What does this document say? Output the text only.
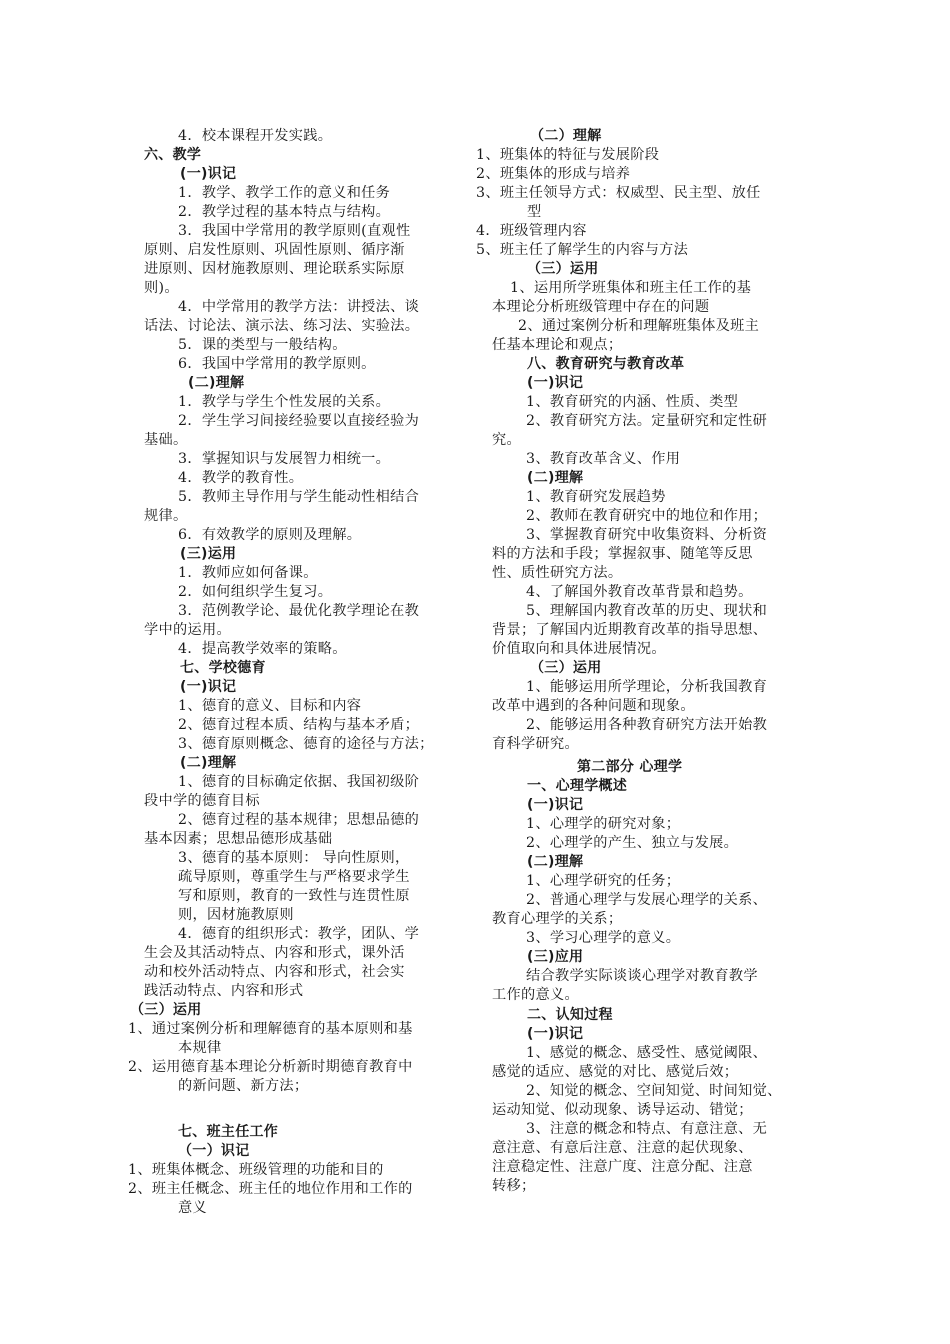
4．校本课程开发实践。
六、教学
(一)识记
1．教学、教学工作的意义和任务
2．教学过程的基本特点与结构。
3．我国中学常用的教学原则(直观性
原则、启发性原则、巩固性原则、循序渐
进原则、因材施教原则、理论联系实际原
则)。
4．中学常用的教学方法：讲授法、谈
话法、讨论法、演示法、练习法、实验法。
5．课的类型与一般结构。
6．我国中学常用的教学原则。
(二)理解
1．教学与学生个性发展的关系。
2．学生学习间接经验要以直接经验为
基础。
3．掌握知识与发展智力相统一。
4．教学的教育性。
5．教师主导作用与学生能动性相结合
规律。
6．有效教学的原则及理解。
(三)运用
1．教师应如何备课。
2．如何组织学生复习。
3．范例教学论、最优化教学理论在教
学中的运用。
4．提高教学效率的策略。
七、学校德育
(一)识记
1、德育的意义、目标和内容
2、德育过程本质、结构与基本矛盾；
3、德育原则概念、德育的途径与方法；
(二)理解
1、德育的目标确定依据、我国初级阶
段中学的德育目标
2、德育过程的基本规律；思想品德的
基本因素；思想品德形成基础
3、德育的基本原则： 导向性原则，
疏导原则，尊重学生与严格要求学生
写和原则，教育的一致性与连贯性原
则，因材施教原则
4．德育的组织形式：教学，团队、学
生会及其活动特点、内容和形式，课外活
动和校外活动特点、内容和形式，社会实
践活动特点、内容和形式
（三）运用
1、通过案例分析和理解德育的基本原则和基
本规律
2、运用德育基本理论分析新时期德育教育中
的新问题、新方法；
七、班主任工作
（一）识记
1、班集体概念、班级管理的功能和目的
2、班主任概念、班主任的地位作用和工作的
意义
（二）理解
1、班集体的特征与发展阶段
2、班集体的形成与培养
3、班主任领导方式：权威型、民主型、放任
型
4．班级管理内容
5、班主任了解学生的内容与方法
（三）运用
1、运用所学班集体和班主任工作的基
本理论分析班级管理中存在的问题
2、通过案例分析和理解班集体及班主
任基本理论和观点；
八、教育研究与教育改革
(一)识记
1、教育研究的内涵、性质、类型
2、教育研究方法。定量研究和定性研
究。
3、教育改革含义、作用
(二)理解
1、教育研究发展趋势
2、教师在教育研究中的地位和作用；
3、掌握教育研究中收集资料、分析资
料的方法和手段；掌握叙事、随笔等反思
性、质性研究方法。
4、了解国外教育改革背景和趋势。
5、理解国内教育改革的历史、现状和
背景；了解国内近期教育改革的指导思想、
价值取向和具体进展情况。
（三）运用
1、能够运用所学理论，分析我国教育
改革中遇到的各种问题和现象。
2、能够运用各种教育研究方法开始教
育科学研究。
第二部分 心理学
一、心理学概述
(一)识记
1、心理学的研究对象；
2、心理学的产生、独立与发展。
(二)理解
1、心理学研究的任务；
2、普通心理学与发展心理学的关系、
教育心理学的关系；
3、学习心理学的意义。
(三)应用
结合教学实际谈谈心理学对教育教学
工作的意义。
二、认知过程
(一)识记
1、感觉的概念、感受性、感觉阈限、
感觉的适应、感觉的对比、感觉后效；
2、知觉的概念、空间知觉、时间知觉、
运动知觉、似动现象、诱导运动、错觉；
3、注意的概念和特点、有意注意、无
意注意、有意后注意、注意的起伏现象、
注意稳定性、注意广度、注意分配、注意
转移；
